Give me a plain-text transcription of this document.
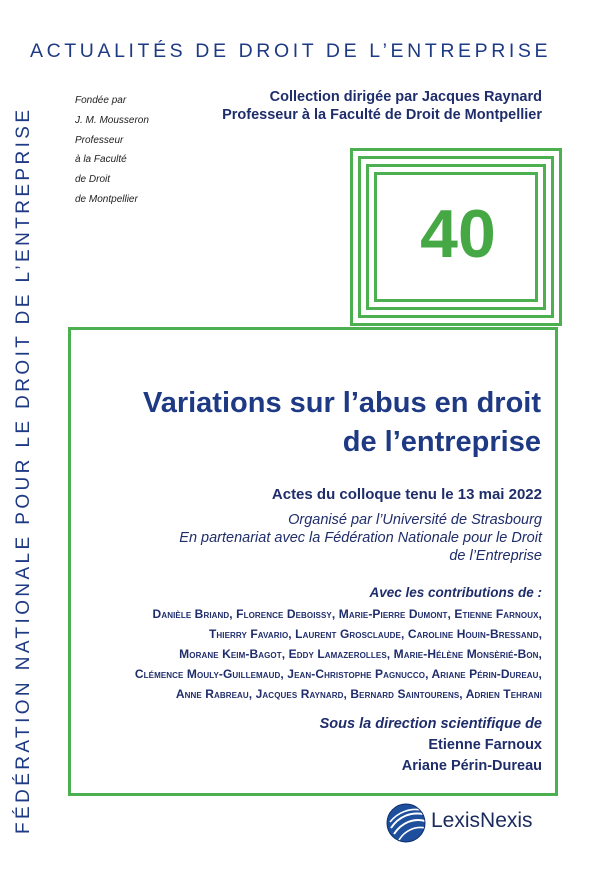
ACTUALITÉS DE DROIT DE L’ENTREPRISE
FÉDÉRATION NATIONALE POUR LE DROIT DE L’ENTREPRISE
Fondée par
J. M. Mousseron
Professeur
à la Faculté
de Droit
de Montpellier
Collection dirigée par Jacques Raynard
Professeur à la Faculté de Droit de Montpellier
40
Variations sur l’abus en droit
de l’entreprise
Actes du colloque tenu le 13 mai 2022
Organisé par l’Université de Strasbourg
En partenariat avec la Fédération Nationale pour le Droit
de l’Entreprise
Avec les contributions de :
Danièle Briand, Florence Deboissy, Marie-Pierre Dumont, Etienne Farnoux,
Thierry Favario, Laurent Grosclaude, Caroline Houin-Bressand,
Morane Keim-Bagot, Eddy Lamazerolles, Marie-Hélène Monsèrié-Bon,
Clémence Mouly-Guillemaud, Jean-Christophe Pagnucco, Ariane Périn-Dureau,
Anne Rabreau, Jacques Raynard, Bernard Saintourens, Adrien Tehrani
Sous la direction scientifique de
Etienne Farnoux
Ariane Périn-Dureau
LexisNexis
